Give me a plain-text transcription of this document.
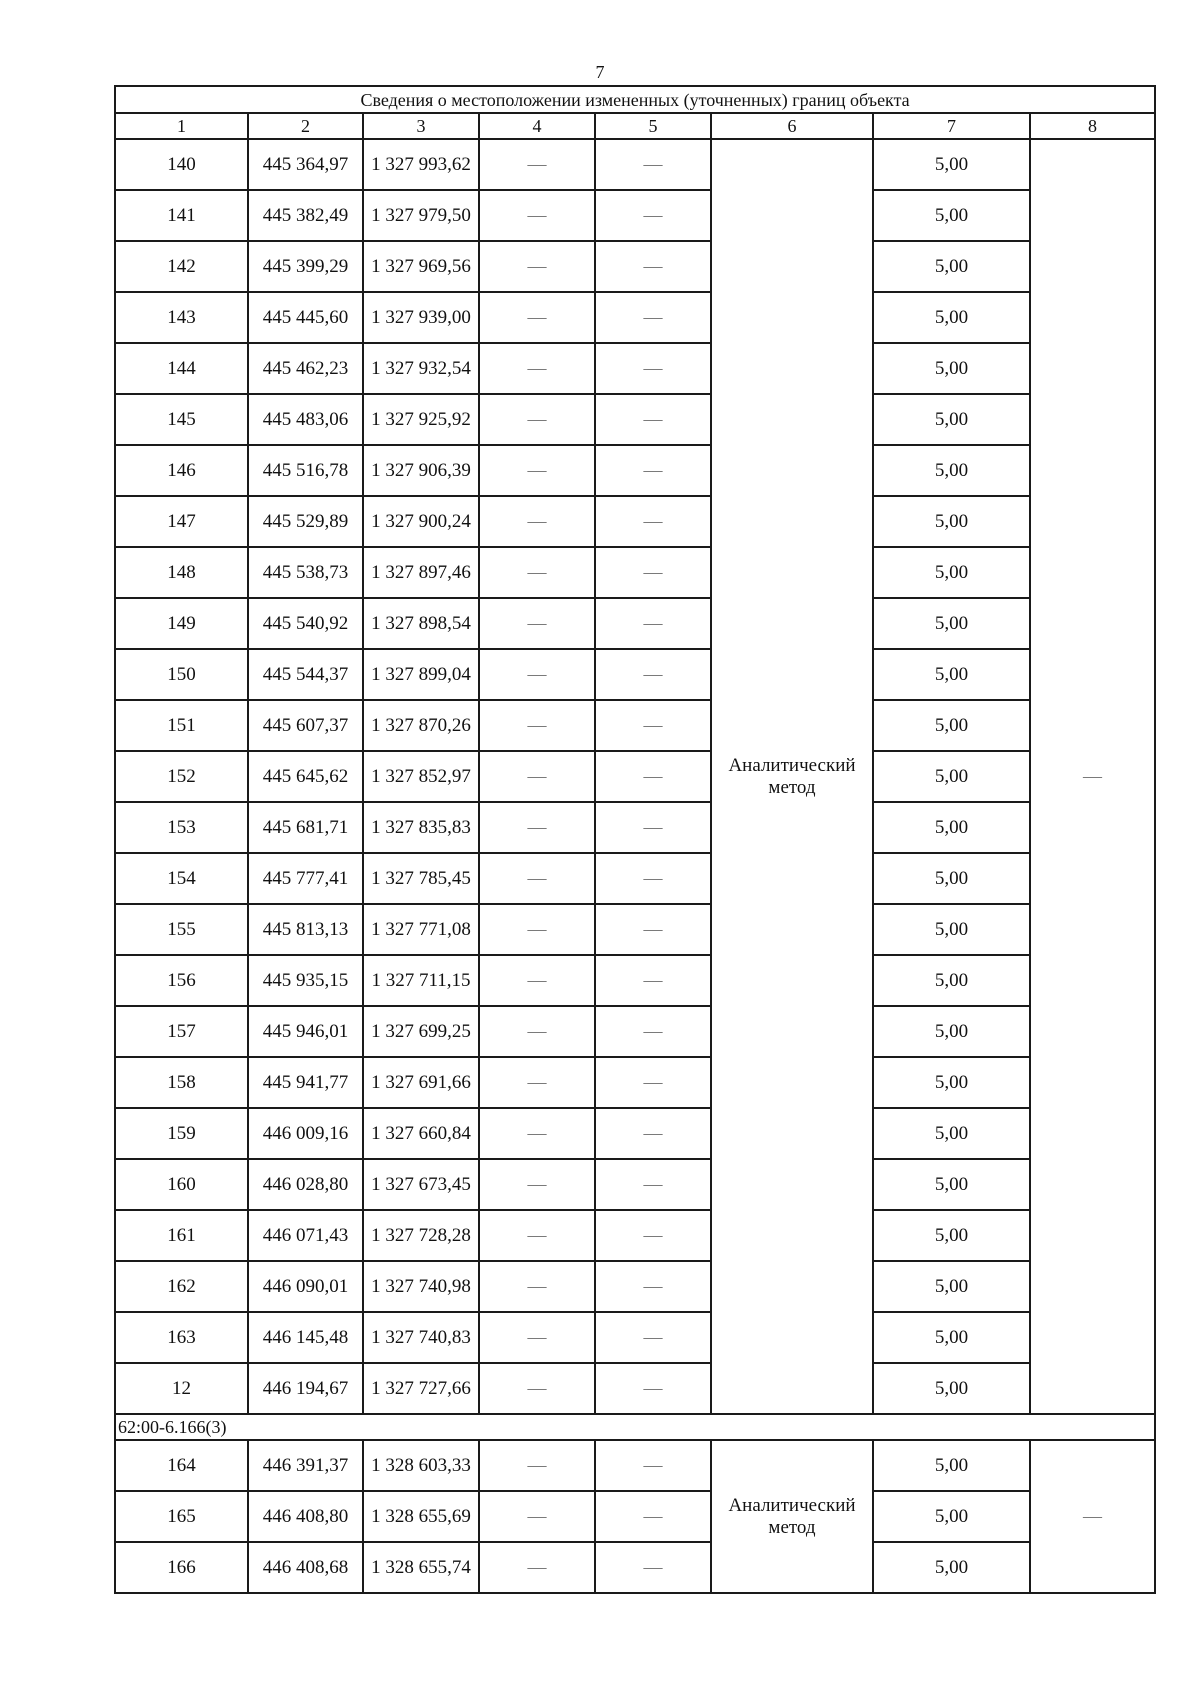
7
Сведения о местоположении измененных (уточненных) границ объекта							
1	2	3	4	5	6	7	8
140	445 364,97	1 327 993,62	—	—	Аналитический метод	5,00	—
141	445 382,49	1 327 979,50	—	—		5,00	
142	445 399,29	1 327 969,56	—	—		5,00	
143	445 445,60	1 327 939,00	—	—		5,00	
144	445 462,23	1 327 932,54	—	—		5,00	
145	445 483,06	1 327 925,92	—	—		5,00	
146	445 516,78	1 327 906,39	—	—		5,00	
147	445 529,89	1 327 900,24	—	—		5,00	
148	445 538,73	1 327 897,46	—	—		5,00	
149	445 540,92	1 327 898,54	—	—		5,00	
150	445 544,37	1 327 899,04	—	—		5,00	
151	445 607,37	1 327 870,26	—	—		5,00	
152	445 645,62	1 327 852,97	—	—		5,00	
153	445 681,71	1 327 835,83	—	—		5,00	
154	445 777,41	1 327 785,45	—	—		5,00	
155	445 813,13	1 327 771,08	—	—		5,00	
156	445 935,15	1 327 711,15	—	—		5,00	
157	445 946,01	1 327 699,25	—	—		5,00	
158	445 941,77	1 327 691,66	—	—		5,00	
159	446 009,16	1 327 660,84	—	—		5,00	
160	446 028,80	1 327 673,45	—	—		5,00	
161	446 071,43	1 327 728,28	—	—		5,00	
162	446 090,01	1 327 740,98	—	—		5,00	
163	446 145,48	1 327 740,83	—	—		5,00	
12	446 194,67	1 327 727,66	—	—		5,00	
62:00-6.166(3)							
164	446 391,37	1 328 603,33	—	—	Аналитический метод	5,00	—
165	446 408,80	1 328 655,69	—	—		5,00	
166	446 408,68	1 328 655,74	—	—		5,00	
